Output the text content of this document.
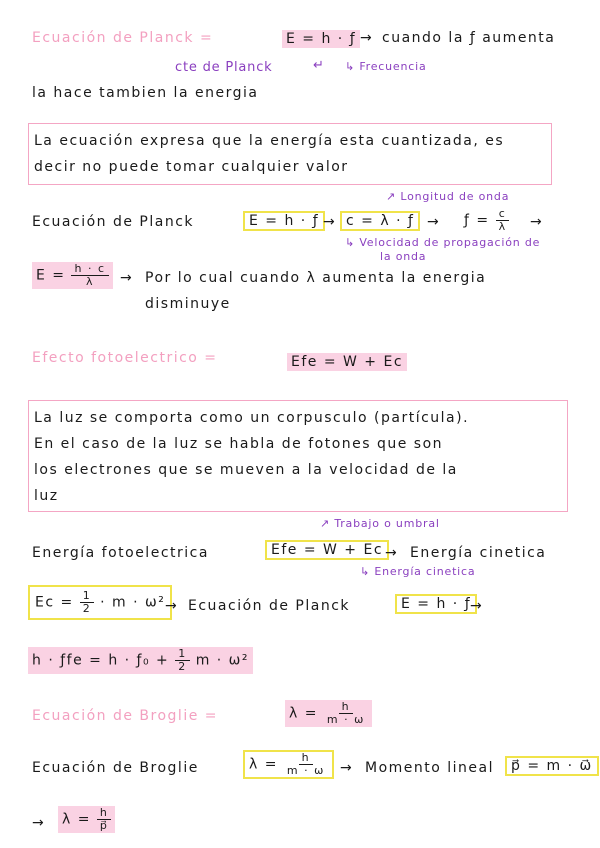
Ecuación de Planck =	E = h · ƒ → cuando la ƒ aumenta
cte de Planck	↵ ↳ Frecuencia
la hace tambien la energia
La ecuación expresa que la energía esta cuantizada, es
decir no puede tomar cualquier valor
↗ Longitud de onda
Ecuación de Planck	E = h · ƒ → c = λ · ƒ → ƒ = $\frac{c}{\lambda}$ →
↳ Velocidad de propagación de
la onda
$E = \frac{h \cdot c}{\lambda}$ → Por lo cual cuando λ aumenta la energia
disminuye
Efecto fotoelectrico =	Efe = W + Ec
La luz se comporta como un corpusculo (partícula).
En el caso de la luz se habla de fotones que son
los electrones que se mueven a la velocidad de la
luz
↗ Trabajo o umbral
Energía fotoelectrica	Efe = W + Ec → Energía cinetica
↳ Energía cinetica
$Ec = \frac{1}{2} \cdot m \cdot \omega^2$ → Ecuación de Planck	E = h · ƒ
→
h · ƒfe = h · ƒ₀ + $\frac{1}{2}$ m · ω²
Ecuación de Broglie =	$\lambda = \frac{h}{m \cdot \omega}$
Ecuación de Broglie	$\lambda = \frac{h}{m \cdot \omega}$ → Momento lineal	p⃗ = m · ω⃗
→ $\lambda = \frac{h}{p⃗}$
